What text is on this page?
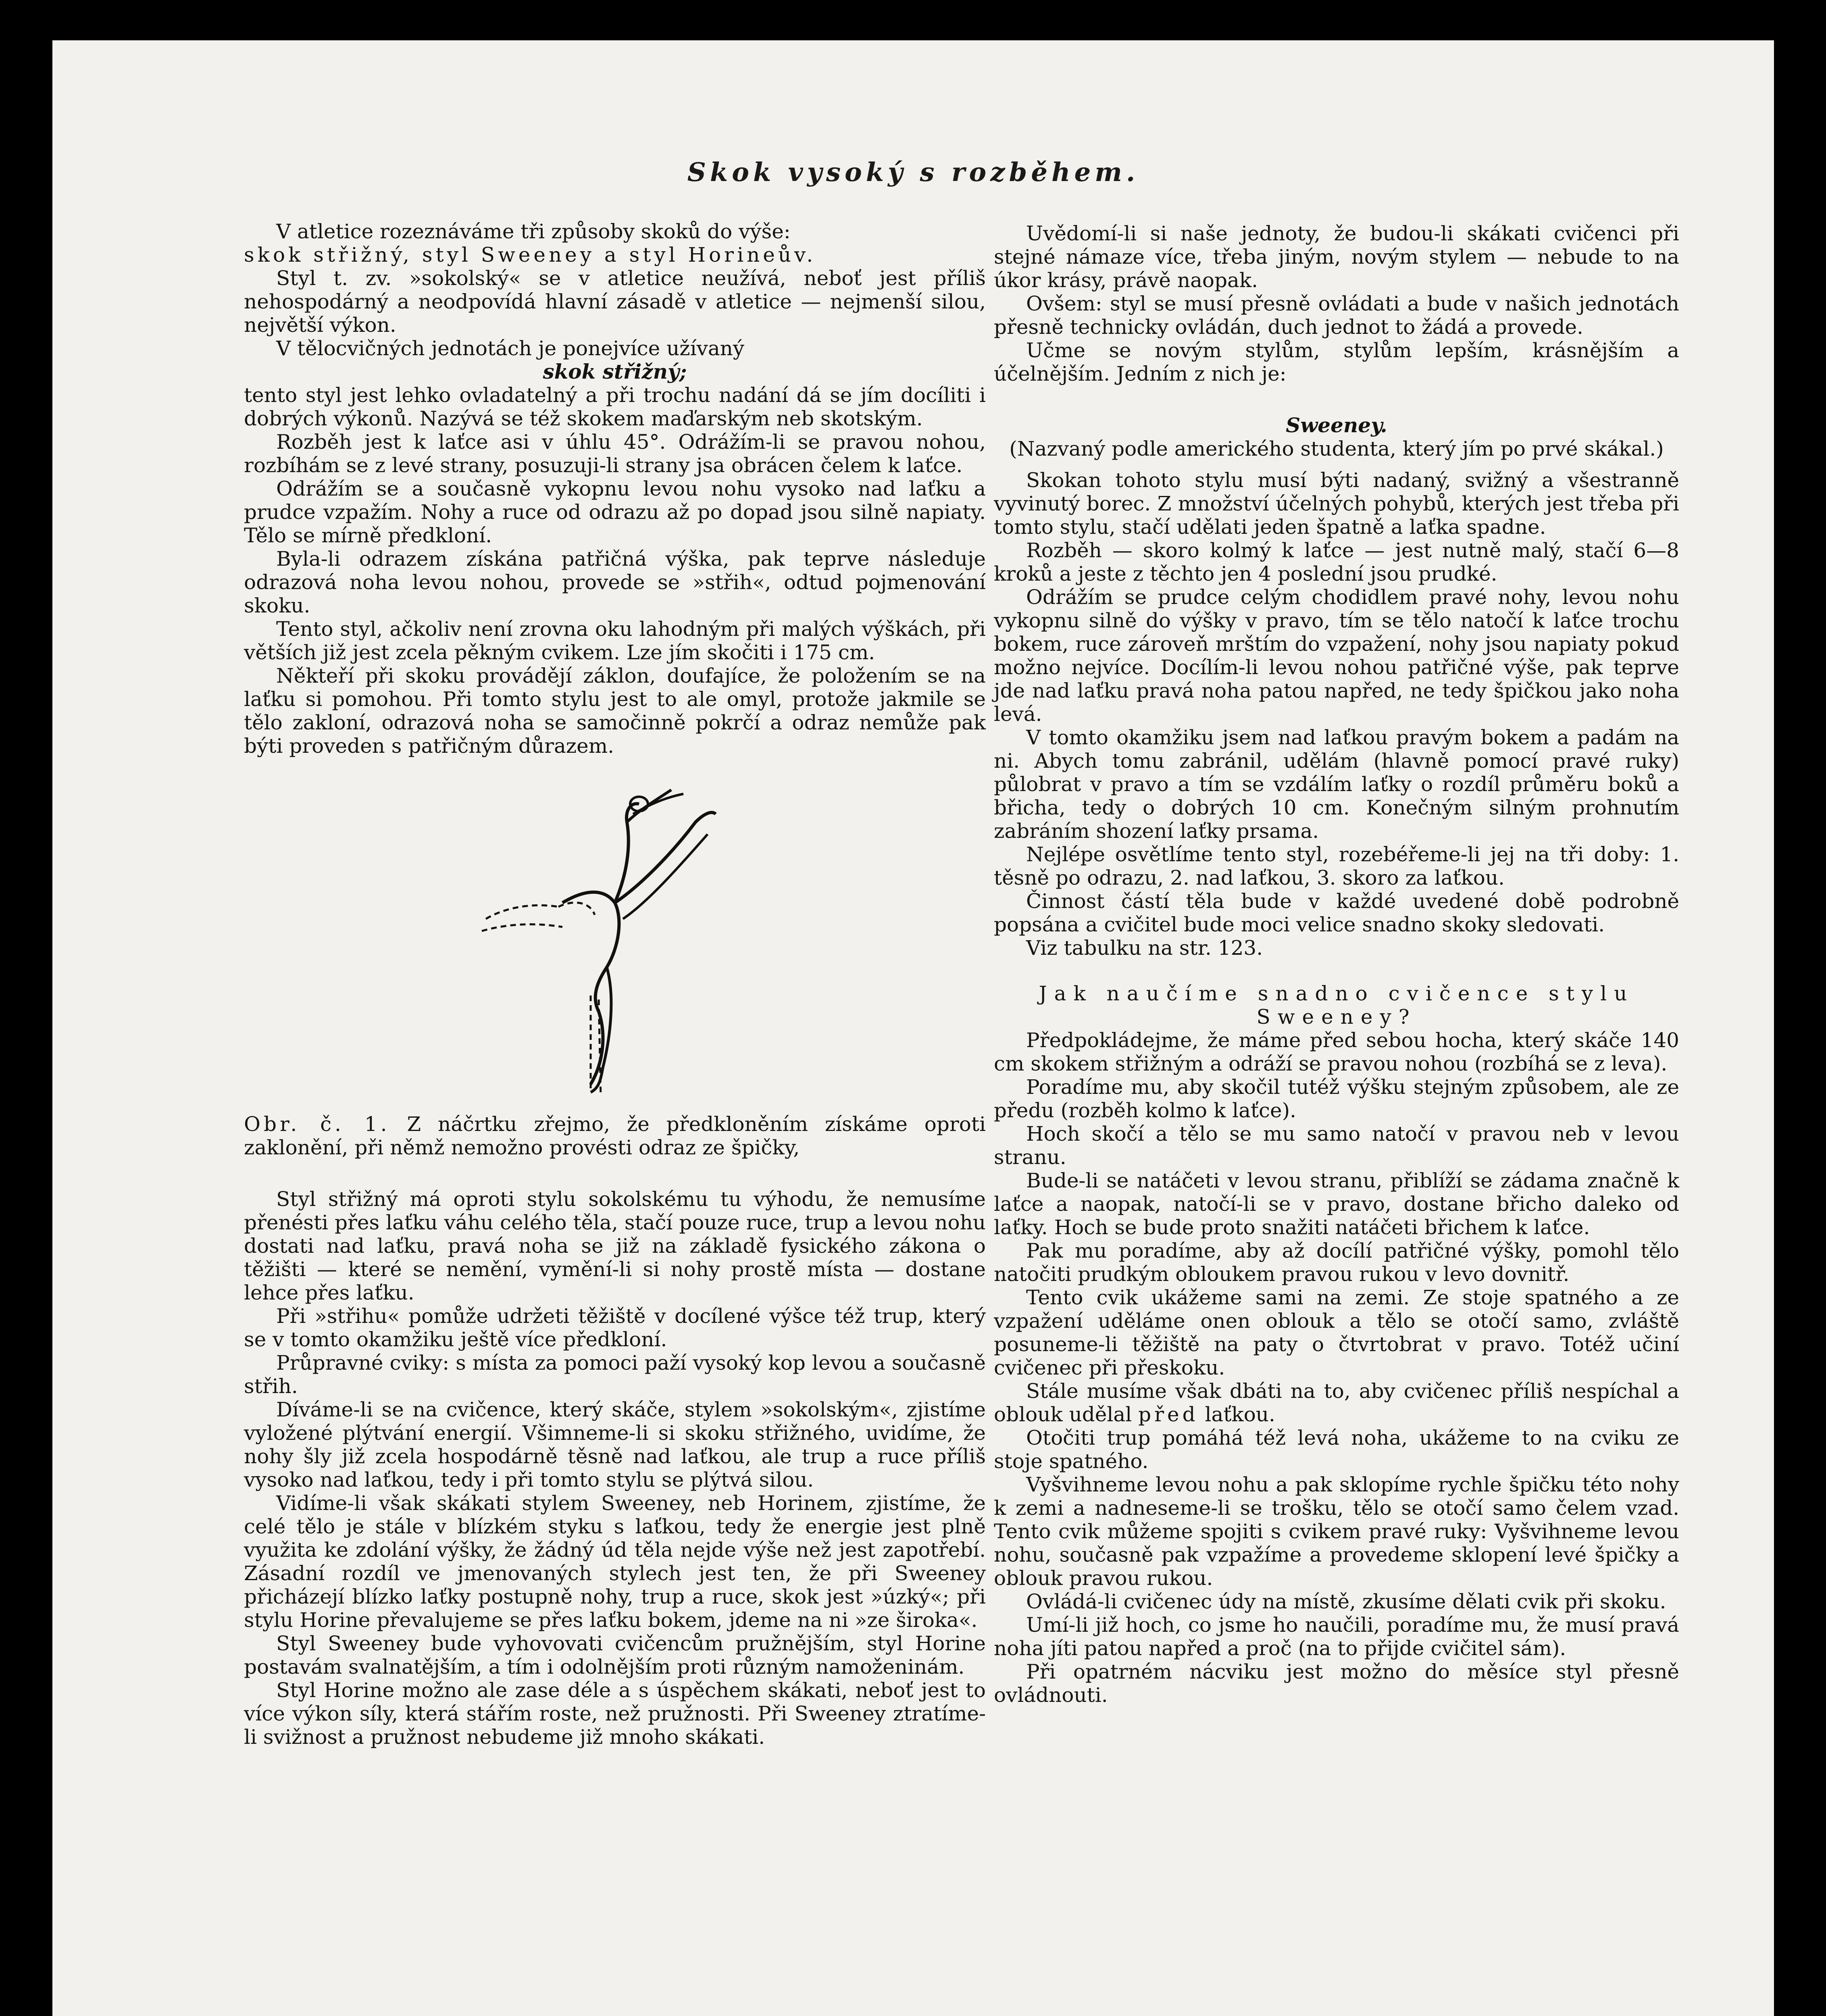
Skok vysoký s rozběhem.

V atletice rozeznáváme tři způsoby skoků do výše:

skok střižný, styl Sweeney a styl Horineův.

Styl t. zv. »sokolský« se v atletice neužívá, neboť jest příliš nehospodárný a neodpovídá hlavní zásadě v atletice — nejmenší silou, největší výkon.

V tělocvičných jednotách je ponejvíce užívaný

skok střižný;

tento styl jest lehko ovladatelný a při trochu nadání dá se jím docíliti i dobrých výkonů. Nazývá se též skokem maďarským neb skotským.

Rozběh jest k laťce asi v úhlu 45°. Odrážím-li se pravou nohou, rozbíhám se z levé strany, posuzuji-li strany jsa obrácen čelem k laťce.

Odrážím se a současně vykopnu levou nohu vysoko nad laťku a prudce vzpažím. Nohy a ruce od odrazu až po dopad jsou silně napiaty. Tělo se mírně předkloní.

Byla-li odrazem získána patřičná výška, pak teprve následuje odrazová noha levou nohou, provede se »střih«, odtud pojmenování skoku.

Tento styl, ačkoliv není zrovna oku lahodným při malých výškách, při větších již jest zcela pěkným cvikem. Lze jím skočiti i 175 cm.

Někteří při skoku provádějí záklon, doufajíce, že položením se na laťku si pomohou. Při tomto stylu jest to ale omyl, protože jakmile se tělo zakloní, odrazová noha se samočinně pokrčí a odraz nemůže pak býti proveden s patřičným důrazem.

Obr. č. 1. Z náčrtku zřejmo, že předkloněním získáme oproti zaklonění, při němž nemožno provésti odraz ze špičky,

Styl střižný má oproti stylu sokolskému tu výhodu, že nemusíme přenésti přes laťku váhu celého těla, stačí pouze ruce, trup a levou nohu dostati nad laťku, pravá noha se již na základě fysického zákona o těžišti — které se nemění, vymění-li si nohy prostě místa — dostane lehce přes laťku.

Při »střihu« pomůže udržeti těžiště v docílené výšce též trup, který se v tomto okamžiku ještě více předkloní.

Průpravné cviky: s místa za pomoci paží vysoký kop levou a současně střih.

Díváme-li se na cvičence, který skáče, stylem »sokolským«, zjistíme vyložené plýtvání energií. Všimneme-li si skoku střižného, uvidíme, že nohy šly již zcela hospodárně těsně nad laťkou, ale trup a ruce příliš vysoko nad laťkou, tedy i při tomto stylu se plýtvá silou.

Vidíme-li však skákati stylem Sweeney, neb Horinem, zjistíme, že celé tělo je stále v blízkém styku s laťkou, tedy že energie jest plně využita ke zdolání výšky, že žádný úd těla nejde výše než jest zapotřebí. Zásadní rozdíl ve jmenovaných stylech jest ten, že při Sweeney přicházejí blízko laťky postupně nohy, trup a ruce, skok jest »úzký«; při stylu Horine převalujeme se přes laťku bokem, jdeme na ni »ze široka«.

Styl Sweeney bude vyhovovati cvičencům pružnějším, styl Horine postavám svalnatějším, a tím i odolnějším proti různým namoženinám.

Styl Horine možno ale zase déle a s úspěchem skákati, neboť jest to více výkon síly, která stářím roste, než pružnosti. Při Sweeney ztratíme-li svižnost a pružnost nebudeme již mnoho skákati.

Uvědomí-li si naše jednoty, že budou-li skákati cvičenci při stejné námaze více, třeba jiným, novým stylem — nebude to na úkor krásy, právě naopak.

Ovšem: styl se musí přesně ovládati a bude v našich jednotách přesně technicky ovládán, duch jednot to žádá a provede.

Učme se novým stylům, stylům lepším, krásnějším a účelnějším. Jedním z nich je:

Sweeney.

(Nazvaný podle amerického studenta, který jím po prvé skákal.)

Skokan tohoto stylu musí býti nadaný, svižný a všestranně vyvinutý borec. Z množství účelných pohybů, kterých jest třeba při tomto stylu, stačí udělati jeden špatně a laťka spadne.

Rozběh — skoro kolmý k laťce — jest nutně malý, stačí 6—8 kroků a jeste z těchto jen 4 poslední jsou prudké.

Odrážím se prudce celým chodidlem pravé nohy, levou nohu vykopnu silně do výšky v pravo, tím se tělo natočí k laťce trochu bokem, ruce zároveň mrštím do vzpažení, nohy jsou napiaty pokud možno nejvíce. Docílím-li levou nohou patřičné výše, pak teprve jde nad laťku pravá noha patou napřed, ne tedy špičkou jako noha levá.

V tomto okamžiku jsem nad laťkou pravým bokem a padám na ni. Abych tomu zabránil, udělám (hlavně pomocí pravé ruky) půlobrat v pravo a tím se vzdálím laťky o rozdíl průměru boků a břicha, tedy o dobrých 10 cm. Konečným silným prohnutím zabráním shození laťky prsama.

Nejlépe osvětlíme tento styl, rozebéřeme-li jej na tři doby: 1. těsně po odrazu, 2. nad laťkou, 3. skoro za laťkou.

Činnost částí těla bude v každé uvedené době podrobně popsána a cvičitel bude moci velice snadno skoky sledovati.

Viz tabulku na str. 123.

Jak naučíme snadno cvičence stylu Sweeney?

Předpokládejme, že máme před sebou hocha, který skáče 140 cm skokem střižným a odráží se pravou nohou (rozbíhá se z leva).

Poradíme mu, aby skočil tutéž výšku stejným způsobem, ale ze předu (rozběh kolmo k laťce).

Hoch skočí a tělo se mu samo natočí v pravou neb v levou stranu.

Bude-li se natáčeti v levou stranu, přiblíží se zádama značně k laťce a naopak, natočí-li se v pravo, dostane břicho daleko od laťky. Hoch se bude proto snažiti natáčeti břichem k laťce.

Pak mu poradíme, aby až docílí patřičné výšky, pomohl tělo natočiti prudkým obloukem pravou rukou v levo dovnitř.

Tento cvik ukážeme sami na zemi. Ze stoje spatného a ze vzpažení uděláme onen oblouk a tělo se otočí samo, zvláště posuneme-li těžiště na paty o čtvrtobrat v pravo. Totéž učiní cvičenec při přeskoku.

Stále musíme však dbáti na to, aby cvičenec příliš nespíchal a oblouk udělal před laťkou.

Otočiti trup pomáhá též levá noha, ukážeme to na cviku ze stoje spatného.

Vyšvihneme levou nohu a pak sklopíme rychle špičku této nohy k zemi a nadneseme-li se trošku, tělo se otočí samo čelem vzad. Tento cvik můžeme spojiti s cvikem pravé ruky: Vyšvihneme levou nohu, současně pak vzpažíme a provedeme sklopení levé špičky a oblouk pravou rukou.

Ovládá-li cvičenec údy na místě, zkusíme dělati cvik při skoku.

Umí-li již hoch, co jsme ho naučili, poradíme mu, že musí pravá noha jíti patou napřed a proč (na to přijde cvičitel sám).

Při opatrném nácviku jest možno do měsíce styl přesně ovládnouti.
